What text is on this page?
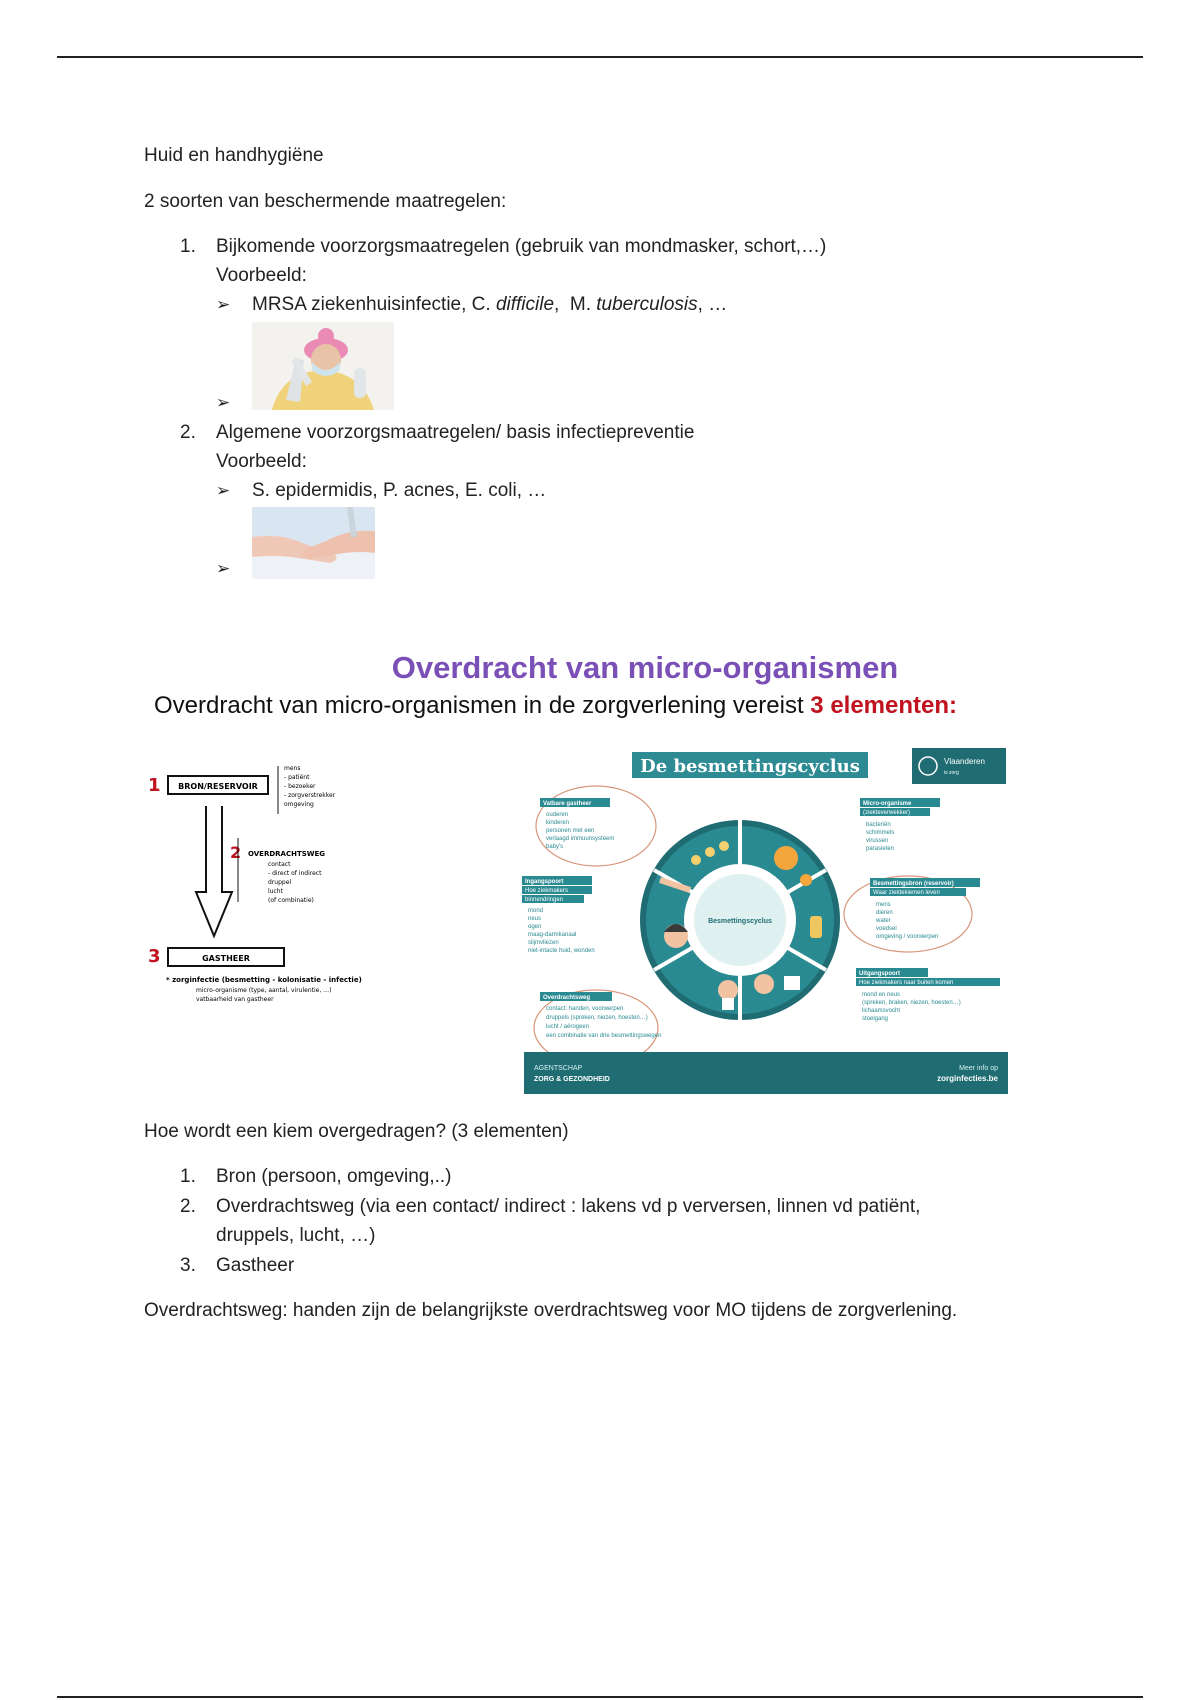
Huid en handhygiëne
2 soorten van beschermende maatregelen:
1. Bijkomende voorzorgsmaatregelen (gebruik van mondmasker, schort,…)
Voorbeeld:
➢ MRSA ziekenhuisinfectie, C. difficile,  M. tuberculosis, …
➢
2. Algemene voorzorgsmaatregelen/ basis infectiepreventie
Voorbeeld:
➢ S. epidermidis, P. acnes, E. coli, …
➢
Overdracht van micro-organismen
Overdracht van micro-organismen in de zorgverlening vereist 3 elementen:
1 BRON/RESERVOIR
mens
- patiënt
- bezoeker
- zorgverstrekker
omgeving
2 OVERDRACHTSWEG
contact
- direct of indirect
druppel
lucht
(of combinatie)
3	GASTHEER
* zorginfectie (besmetting - kolonisatie - infectie)
micro-organisme (type, aantal, virulentie, …)
vatbaarheid van gastheer
De besmettingscyclus	Vlaanderen
is zorg
Besmettingscyclus
Vatbare gastheer
ouderen
kinderen
personen met een
verlaagd immuunsysteem
baby's
Ingangspoort
Hoe ziekmakers
binnendringen
mond
neus
ogen
maag-darmkanaal
slijmvliezen
niet-intacte huid, wonden
Overdrachtsweg
contact: handen, voorwerpen
druppels (spreken, niezen, hoesten…)
lucht / aërogeen
een combinatie van drie besmettingswegen
Micro-organisme
(ziekteverwekker)
bacteriën
schimmels
virussen
parasieten
Besmettingsbron (reservoir)
Waar ziektekiemen leven
mens
dieren
water
voedsel
omgeving / voorwerpen
Uitgangspoort
Hoe ziekmakers naar buiten komen
mond en neus
(spreken, braken, niezen, hoesten…)
lichaamsvocht
stoelgang
AGENTSCHAP
ZORG & GEZONDHEID
Meer info op
zorginfecties.be
Hoe wordt een kiem overgedragen? (3 elementen)
1. Bron (persoon, omgeving,..)
2. Overdrachtsweg (via een contact/ indirect : lakens vd p verversen, linnen vd patiënt,
druppels, lucht, …)
3. Gastheer
Overdrachtsweg: handen zijn de belangrijkste overdrachtsweg voor MO tijdens de zorgverlening.
